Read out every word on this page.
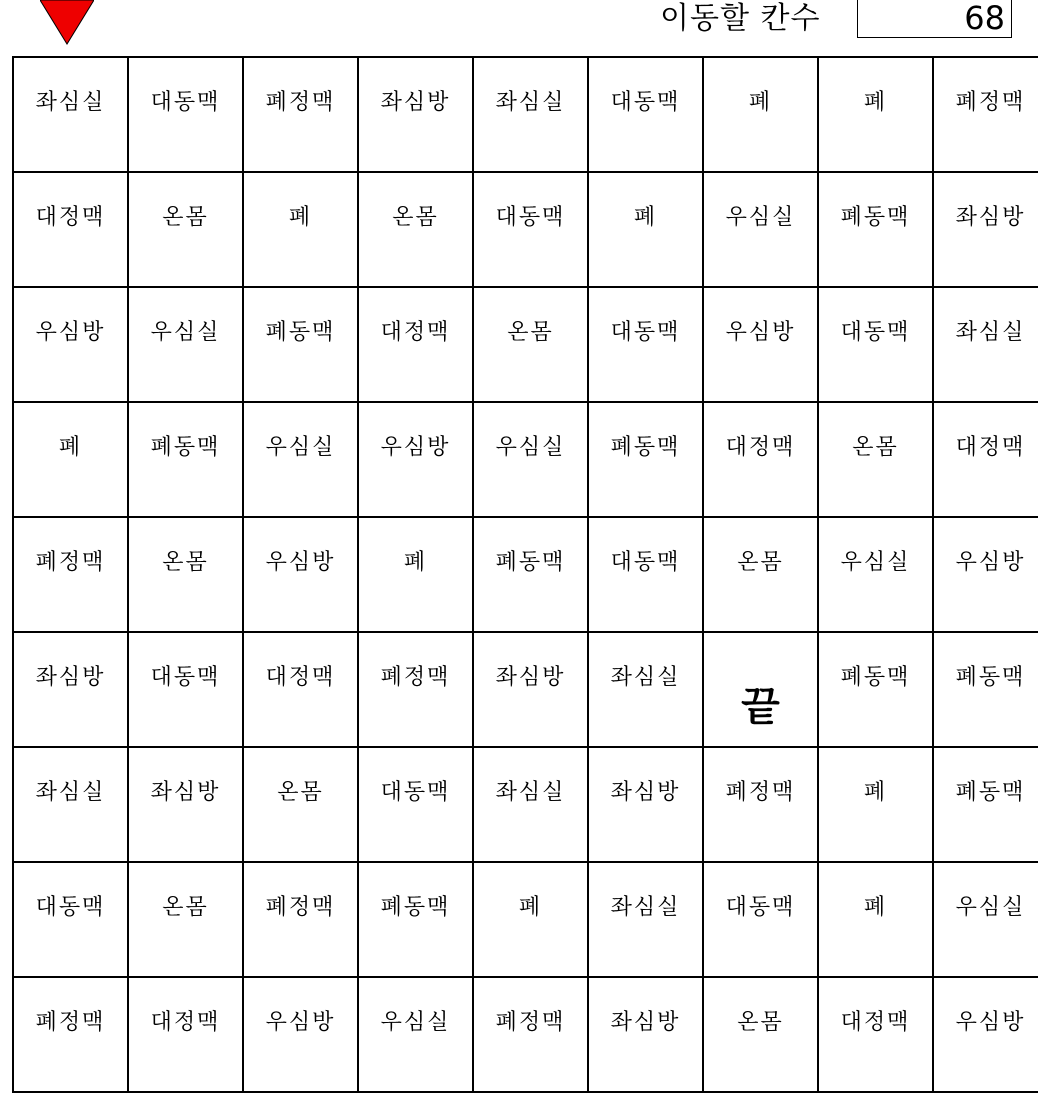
이동할 칸수	68
좌심실	대동맥	폐정맥	좌심방	좌심실	대동맥	폐	폐	폐정맥

대정맥	온몸	폐	온몸	대동맥	폐	우심실	폐동맥	좌심방

우심방	우심실	폐동맥	대정맥	온몸	대동맥	우심방	대동맥	좌심실

폐	폐동맥	우심실	우심방	우심실	폐동맥	대정맥	온몸	대정맥

폐정맥	온몸	우심방	폐	폐동맥	대동맥	온몸	우심실	우심방

좌심방	대동맥	대정맥	폐정맥	좌심방	좌심실	끝	폐동맥	폐동맥

좌심실	좌심방	온몸	대동맥	좌심실	좌심방	폐정맥	폐	폐동맥

대동맥	온몸	폐정맥	폐동맥	폐	좌심실	대동맥	폐	우심실

폐정맥	대정맥	우심방	우심실	폐정맥	좌심방	온몸	대정맥	우심방
